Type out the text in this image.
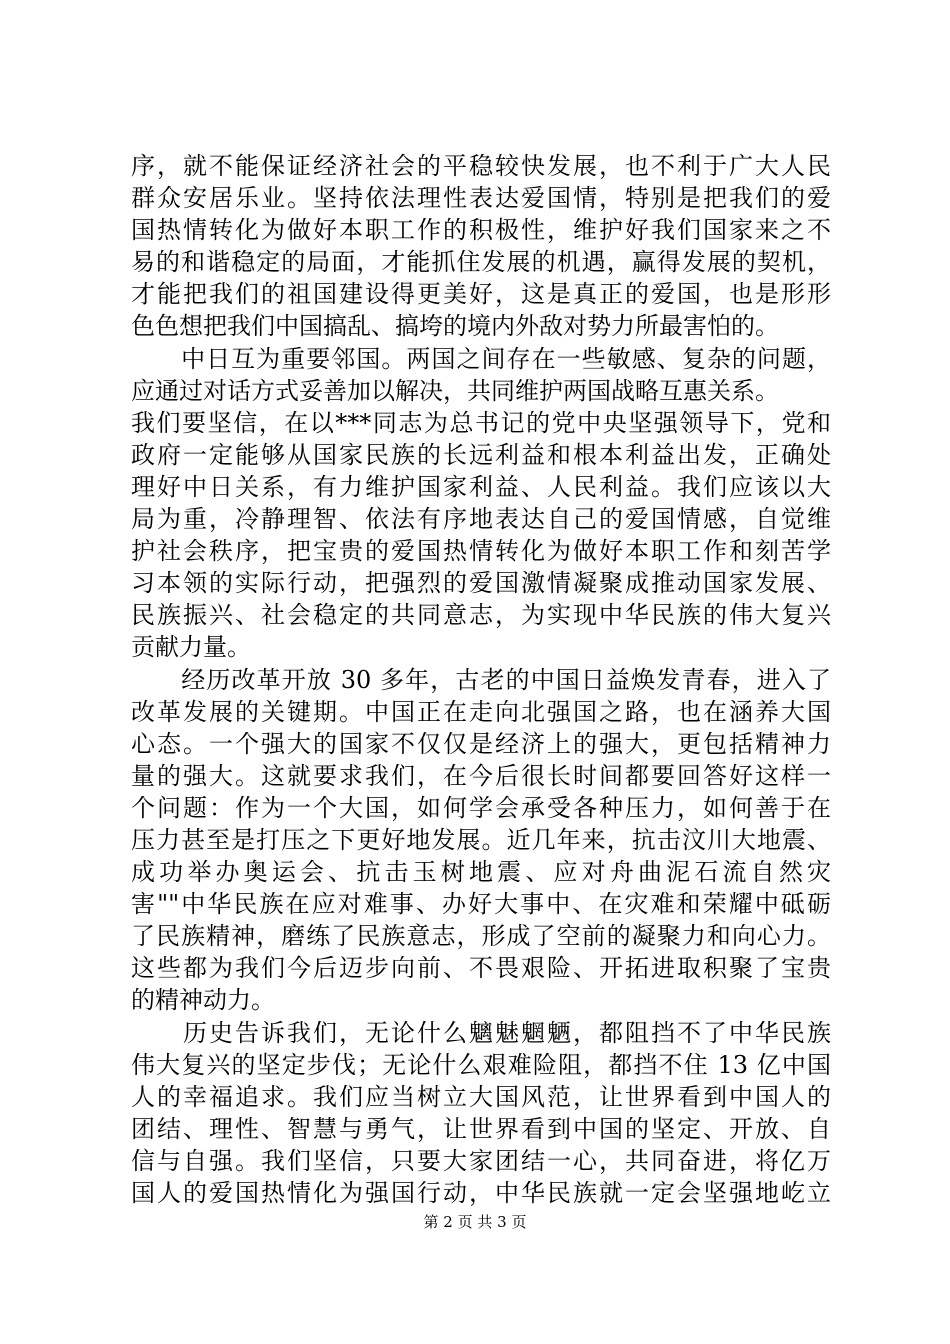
序，就不能保证经济社会的平稳较快发展，也不利于广大人民
群众安居乐业。坚持依法理性表达爱国情，特别是把我们的爱
国热情转化为做好本职工作的积极性，维护好我们国家来之不
易的和谐稳定的局面，才能抓住发展的机遇，赢得发展的契机，
才能把我们的祖国建设得更美好，这是真正的爱国，也是形形
色色想把我们中国搞乱、搞垮的境内外敌对势力所最害怕的。
　　中日互为重要邻国。两国之间存在一些敏感、复杂的问题，
应通过对话方式妥善加以解决，共同维护两国战略互惠关系。
我们要坚信，在以***同志为总书记的党中央坚强领导下，党和
政府一定能够从国家民族的长远利益和根本利益出发，正确处
理好中日关系，有力维护国家利益、人民利益。我们应该以大
局为重，冷静理智、依法有序地表达自己的爱国情感，自觉维
护社会秩序，把宝贵的爱国热情转化为做好本职工作和刻苦学
习本领的实际行动，把强烈的爱国激情凝聚成推动国家发展、
民族振兴、社会稳定的共同意志，为实现中华民族的伟大复兴
贡献力量。
　　经历改革开放 30 多年，古老的中国日益焕发青春，进入了
改革发展的关键期。中国正在走向北强国之路，也在涵养大国
心态。一个强大的国家不仅仅是经济上的强大，更包括精神力
量的强大。这就要求我们，在今后很长时间都要回答好这样一
个问题：作为一个大国，如何学会承受各种压力，如何善于在
压力甚至是打压之下更好地发展。近几年来，抗击汶川大地震、
成功举办奥运会、抗击玉树地震、应对舟曲泥石流自然灾
害""中华民族在应对难事、办好大事中、在灾难和荣耀中砥砺
了民族精神，磨练了民族意志，形成了空前的凝聚力和向心力。
这些都为我们今后迈步向前、不畏艰险、开拓进取积聚了宝贵
的精神动力。
　　历史告诉我们，无论什么魑魅魍魉，都阻挡不了中华民族
伟大复兴的坚定步伐；无论什么艰难险阻，都挡不住 13 亿中国
人的幸福追求。我们应当树立大国风范，让世界看到中国人的
团结、理性、智慧与勇气，让世界看到中国的坚定、开放、自
信与自强。我们坚信，只要大家团结一心，共同奋进，将亿万
国人的爱国热情化为强国行动，中华民族就一定会坚强地屹立
第 2 页 共 3 页
